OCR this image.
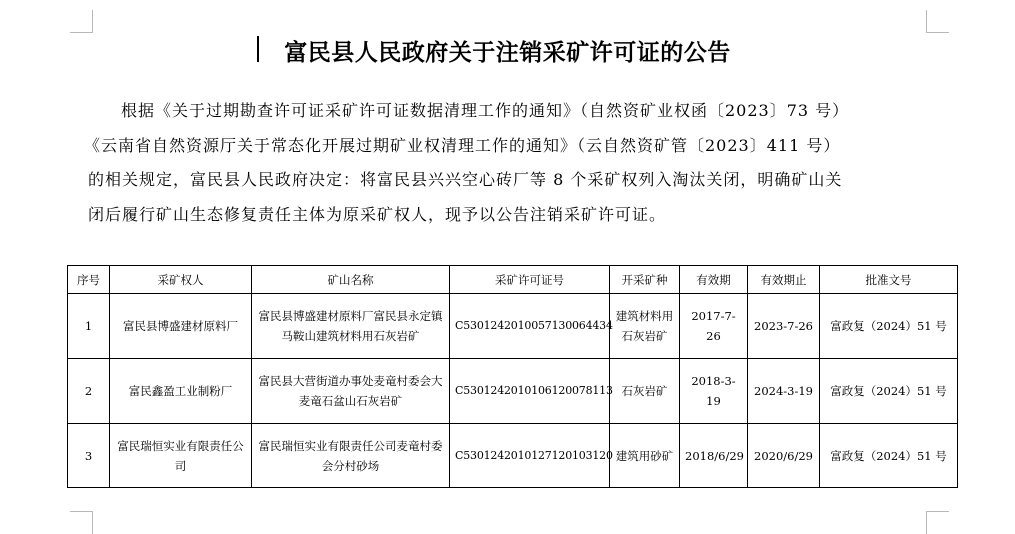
富民县人民政府关于注销采矿许可证的公告

根据《关于过期勘查许可证采矿许可证数据清理工作的通知》（自然资矿业权函〔2023〕73 号）
《云南省自然资源厅关于常态化开展过期矿业权清理工作的通知》（云自然资矿管〔2023〕411 号）
的相关规定，富民县人民政府决定：将富民县兴兴空心砖厂等 8 个采矿权列入淘汰关闭，明确矿山关
闭后履行矿山生态修复责任主体为原采矿权人，现予以公告注销采矿许可证。

序号	采矿权人	矿山名称	采矿许可证号	开采矿种	有效期	有效期止	批准文号
1	富民县博盛建材原料厂	富民县博盛建材原料厂富民县永定镇马鞍山建筑材料用石灰岩矿	C5301242010057130064434	建筑材料用石灰岩矿	2017-7-26	2023-7-26	富政复（2024）51 号
2	富民鑫盈工业制粉厂	富民县大营街道办事处麦竜村委会大麦竜石盆山石灰岩矿	C5301242010106120078113	石灰岩矿	2018-3-19	2024-3-19	富政复（2024）51 号
3	富民瑞恒实业有限责任公司	富民瑞恒实业有限责任公司麦竜村委会分村砂场	C5301242010127120103120	建筑用砂矿	2018/6/29	2020/6/29	富政复（2024）51 号
